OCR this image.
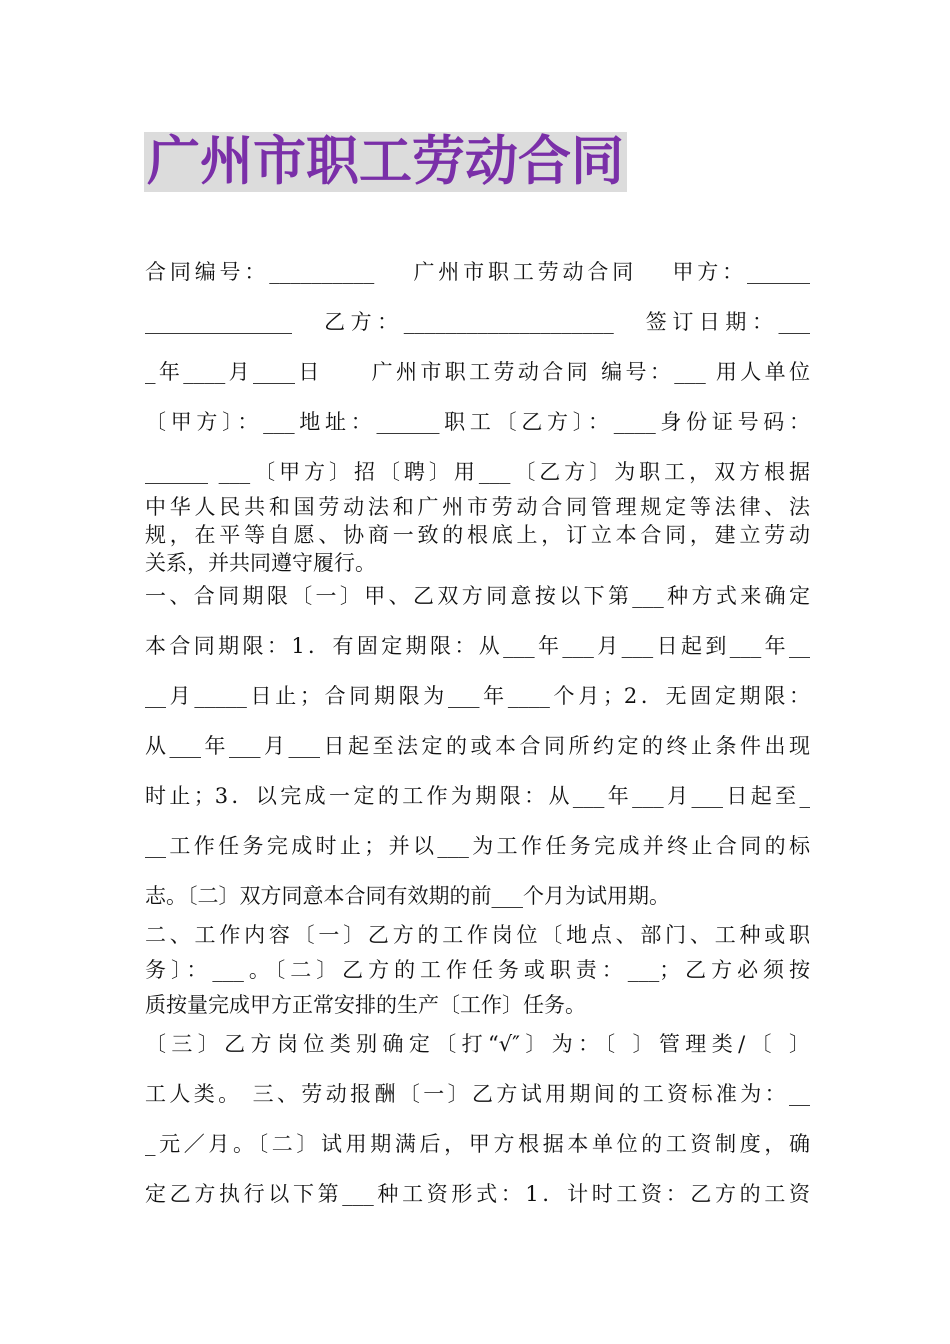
广州市职工劳动合同
合同编号：__________　 广州市职工劳动合同　 甲方：______
______________　乙方：____________________　签订日期：___
_年____月____日　　广州市职工劳动合同 编号：___ 用人单位
〔甲方〕：___地址：______职工〔乙方〕：____身份证号码：
______ ___〔甲方〕招〔聘〕用___〔乙方〕为职工，双方根据
中华人民共和国劳动法和广州市劳动合同管理规定等法律、法
规，在平等自愿、协商一致的根底上，订立本合同，建立劳动
关系，并共同遵守履行。
一、合同期限〔一〕甲、乙双方同意按以下第___种方式来确定
本合同期限：1．有固定期限：从___年___月___日起到___年__
__月_____日止；合同期限为___年____个月；2．无固定期限：
从___年___月___日起至法定的或本合同所约定的终止条件出现
时止；3．以完成一定的工作为期限：从___年___月___日起至_
__工作任务完成时止；并以___为工作任务完成并终止合同的标
志。〔二〕双方同意本合同有效期的前___个月为试用期。
二、工作内容〔一〕乙方的工作岗位〔地点、部门、工种或职
务〕：___。〔二〕乙方的工作任务或职责：___；乙方必须按
质按量完成甲方正常安排的生产〔工作〕任务。
〔三〕乙方岗位类别确定〔打“√″〕为：〔 〕管理类/〔 〕
工人类。 三、劳动报酬〔一〕乙方试用期间的工资标准为：__
_元／月。〔二〕试用期满后，甲方根据本单位的工资制度，确
定乙方执行以下第___种工资形式：1．计时工资：乙方的工资
